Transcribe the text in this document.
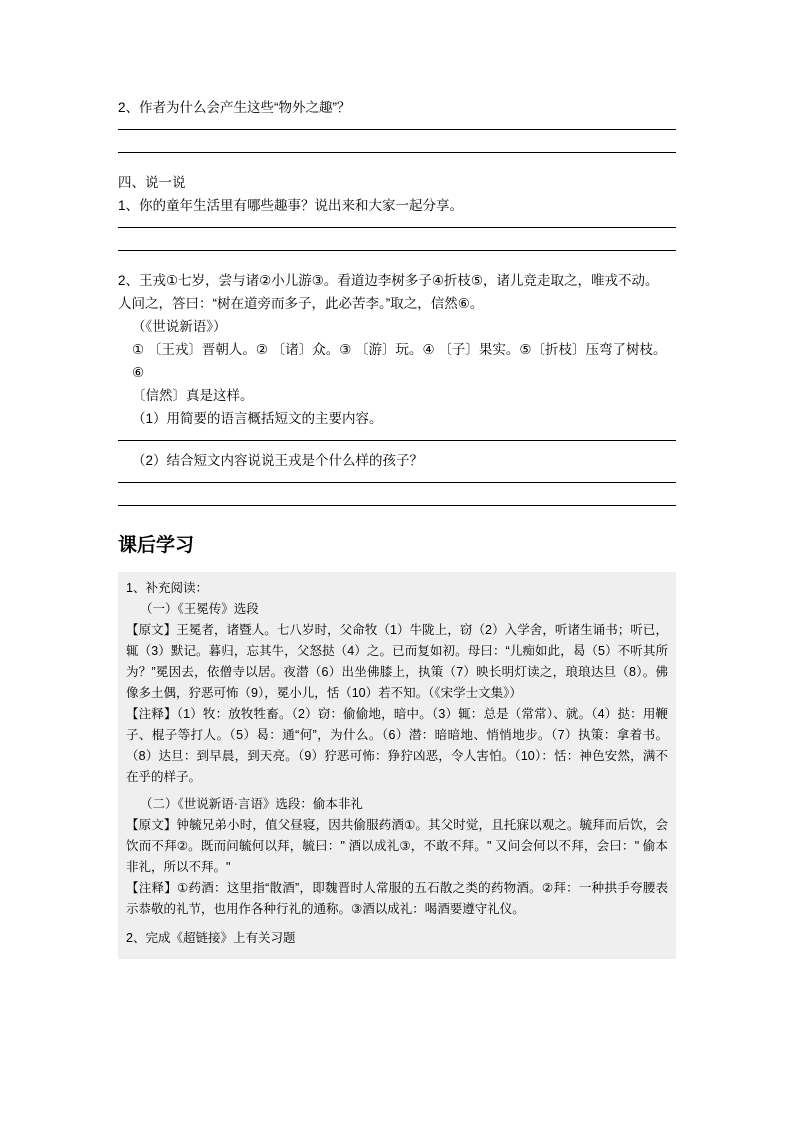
2、作者为什么会产生这些“物外之趣”？

四、说一说

1、你的童年生活里有哪些趣事？说出来和大家一起分享。

2、王戎①七岁，尝与诸②小儿游③。看道边李树多子④折枝⑤，诸儿竞走取之，唯戎不动。

人问之，答曰：“树在道旁而多子，此必苦李。”取之，信然⑥。

（《世说新语》）

① 〔王戎〕晋朝人。② 〔诸〕众。③ 〔游〕玩。④ 〔子〕果实。⑤〔折枝〕压弯了树枝。⑥

〔信然〕真是这样。

（1）用简要的语言概括短文的主要内容。

（2）结合短文内容说说王戎是个什么样的孩子？

课后学习

1、补充阅读：

（一）《王冕传》选段

【原文】王冕者，诸暨人。七八岁时，父命牧（1）牛陇上，窃（2）入学舍，听诸生诵书；听已，辄（3）默记。暮归，忘其牛，父怒挞（4）之。已而复如初。母曰：“儿痴如此，曷（5）不听其所为？”冕因去，依僧寺以居。夜潜（6）出坐佛膝上，执策（7）映长明灯读之，琅琅达旦（8）。佛像多土偶，狞恶可怖（9），冕小儿，恬（10）若不知。（《宋学士文集》）

【注释】（1）牧：放牧牲畜。（2）窃：偷偷地，暗中。（3）辄：总是（常常）、就。（4）挞：用鞭子、棍子等打人。（5）曷：通“何”，为什么。（6）潜：暗暗地、悄悄地步。（7）执策：拿着书。（8）达旦：到早晨，到天亮。（9）狞恶可怖：狰狞凶恶，令人害怕。（10）：恬：神色安然，满不在乎的样子。

（二）《世说新语·言语》选段：偷本非礼

【原文】钟毓兄弟小时，值父昼寝，因共偷服药酒①。其父时觉，且托寐以观之。毓拜而后饮，会饮而不拜②。既而问毓何以拜，毓曰：" 酒以成礼③，不敢不拜。" 又问会何以不拜，会曰：" 偷本非礼，所以不拜。"

【注释】①药酒：这里指“散酒”，即魏晋时人常服的五石散之类的药物酒。②拜：一种拱手夸腰表示恭敬的礼节，也用作各种行礼的通称。③酒以成礼：喝酒要遵守礼仪。

2、完成《超链接》上有关习题
